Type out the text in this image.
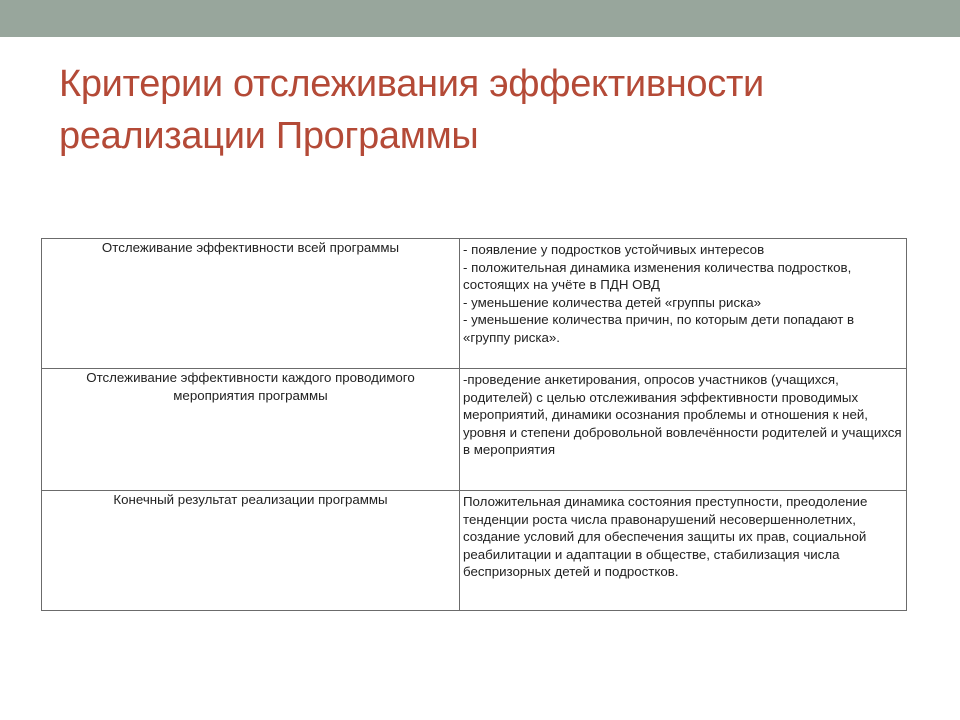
Критерии отслеживания эффективности
реализации Программы
Отслеживание эффективности всей программы	- появление у подростков устойчивых интересов
- положительная динамика изменения количества подростков, состоящих на учёте в ПДН ОВД
- уменьшение количества детей «группы риска»
- уменьшение количества причин, по которым дети попадают в «группу риска».

Отслеживание эффективности каждого проводимого мероприятия программы	-проведение анкетирования, опросов участников (учащихся, родителей) с целью отслеживания эффективности проводимых мероприятий, динамики осознания проблемы и отношения к ней, уровня и степени добровольной вовлечённости родителей и учащихся в мероприятия

Конечный результат реализации программы	Положительная динамика состояния преступности, преодоление тенденции роста числа правонарушений несовершеннолетних, создание условий для обеспечения защиты их прав, социальной реабилитации и адаптации в обществе, стабилизация числа беспризорных детей и подростков.
